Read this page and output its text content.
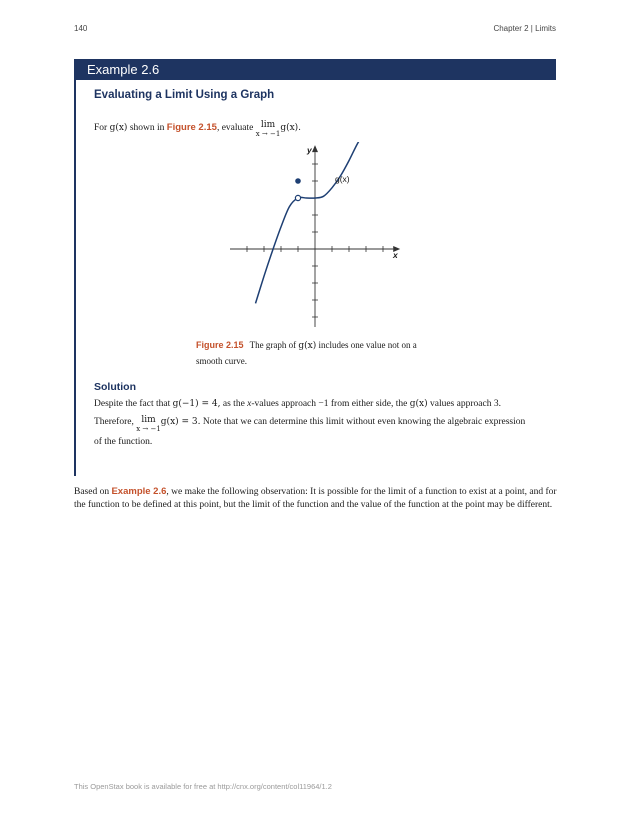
140	Chapter 2 | Limits
Example 2.6
Evaluating a Limit Using a Graph
For g(x) shown in Figure 2.15, evaluate lim
x → −1
g(x).
g(x)
x
y
Figure 2.15 The graph of g(x) includes one value not on a
smooth curve.
Solution
Despite the fact that g(−1) = 4, as the x-values approach −1 from either side, the g(x) values approach 3.
Therefore, lim
x → −1
g(x) = 3. Note that we can determine this limit without even knowing the algebraic expression
of the function.
Based on Example 2.6, we make the following observation: It is possible for the limit of a function to exist at a point, and for the function to be defined at this point, but the limit of the function and the value of the function at the point may be different.
This OpenStax book is available for free at http://cnx.org/content/col11964/1.2
